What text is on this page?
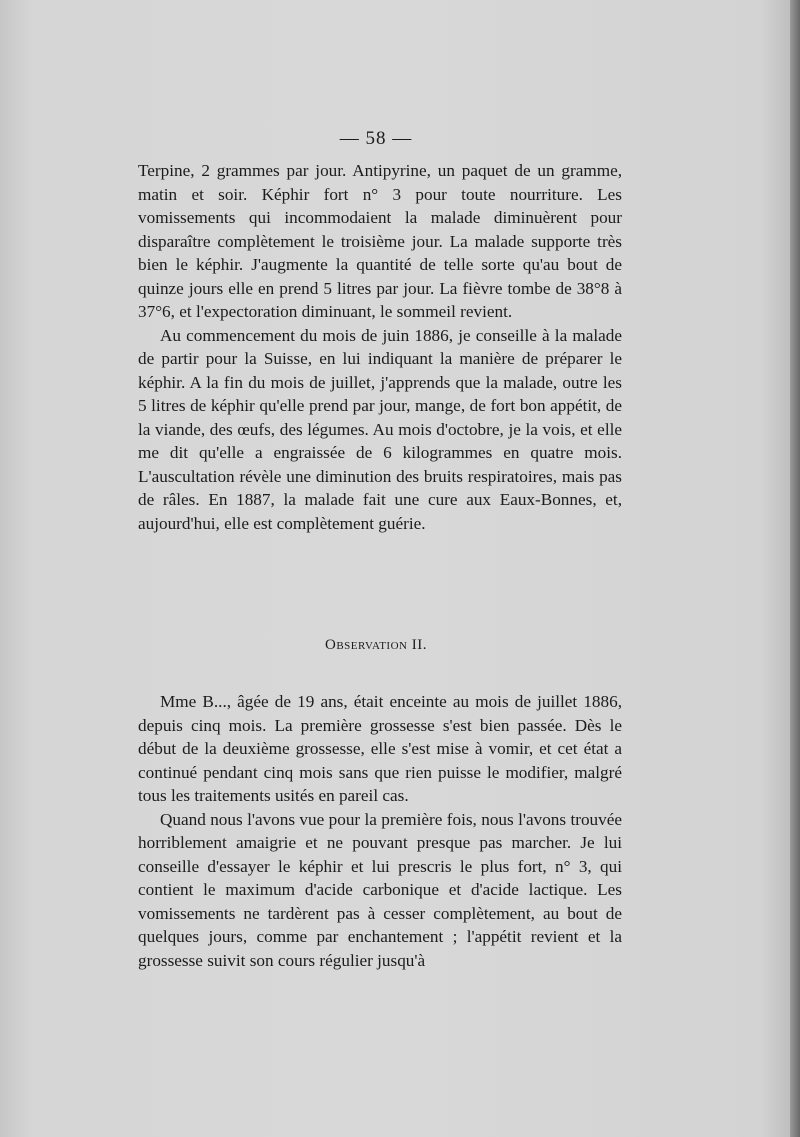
— 58 —

Terpine, 2 grammes par jour. Antipyrine, un paquet de un gramme, matin et soir. Képhir fort n° 3 pour toute nourriture. Les vomissements qui incommodaient la malade diminuèrent pour disparaître complètement le troisième jour. La malade supporte très bien le képhir. J'augmente la quantité de telle sorte qu'au bout de quinze jours elle en prend 5 litres par jour. La fièvre tombe de 38°8 à 37°6, et l'expectoration diminuant, le sommeil revient.

Au commencement du mois de juin 1886, je conseille à la malade de partir pour la Suisse, en lui indiquant la manière de préparer le képhir. A la fin du mois de juillet, j'apprends que la malade, outre les 5 litres de képhir qu'elle prend par jour, mange, de fort bon appétit, de la viande, des œufs, des légumes. Au mois d'octobre, je la vois, et elle me dit qu'elle a engraissée de 6 kilogrammes en quatre mois. L'auscultation révèle une diminution des bruits respiratoires, mais pas de râles. En 1887, la malade fait une cure aux Eaux-Bonnes, et, aujourd'hui, elle est complètement guérie.

Observation II.

Mme B..., âgée de 19 ans, était enceinte au mois de juillet 1886, depuis cinq mois. La première grossesse s'est bien passée. Dès le début de la deuxième grossesse, elle s'est mise à vomir, et cet état a continué pendant cinq mois sans que rien puisse le modifier, malgré tous les traitements usités en pareil cas.

Quand nous l'avons vue pour la première fois, nous l'avons trouvée horriblement amaigrie et ne pouvant presque pas marcher. Je lui conseille d'essayer le képhir et lui prescris le plus fort, n° 3, qui contient le maximum d'acide carbonique et d'acide lactique. Les vomissements ne tardèrent pas à cesser complètement, au bout de quelques jours, comme par enchantement ; l'appétit revient et la grossesse suivit son cours régulier jusqu'à
